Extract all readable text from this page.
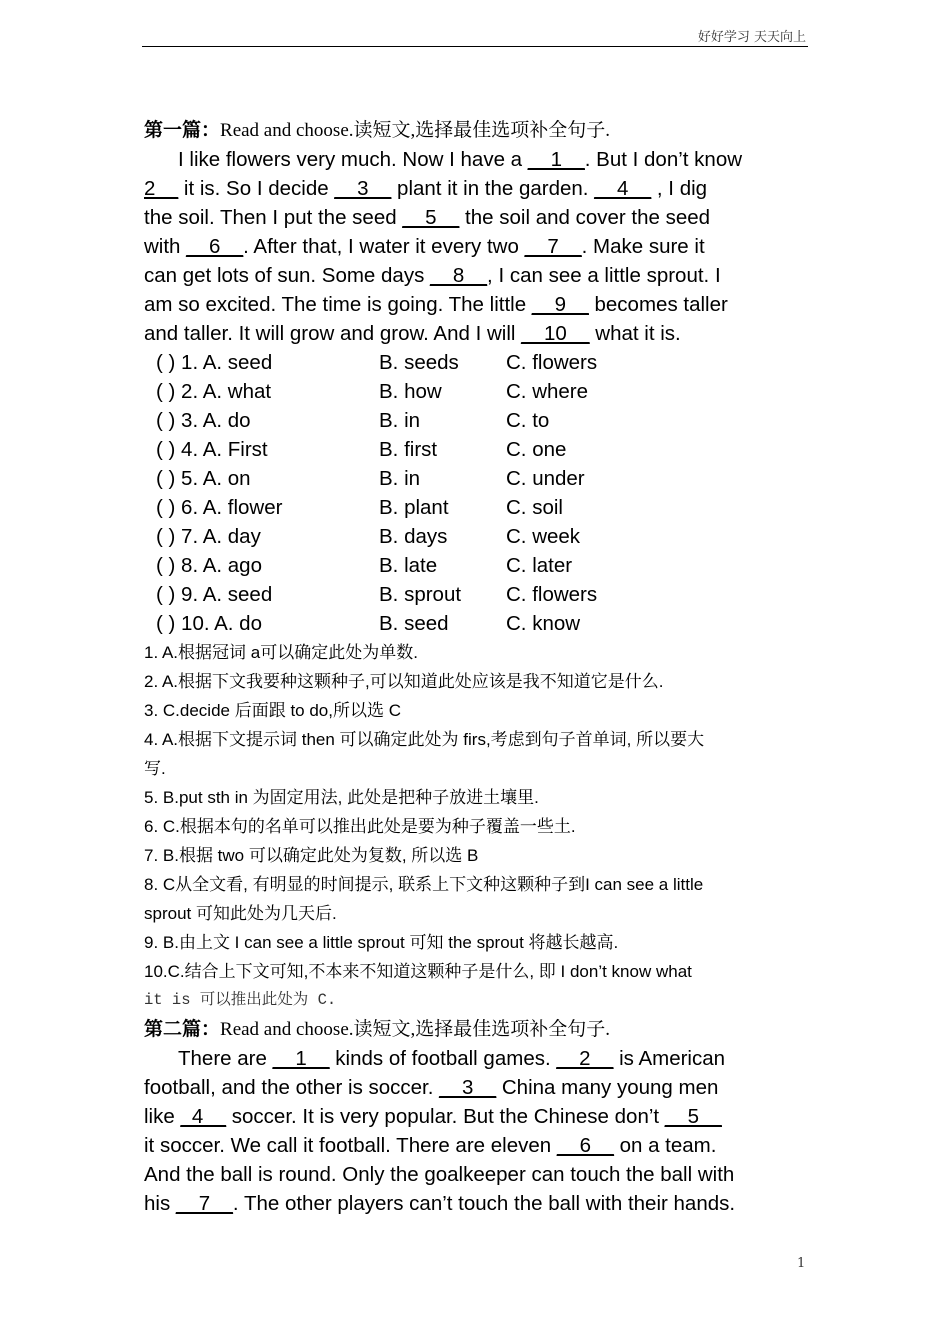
好好学习 天天向上
第一篇：Read and choose.读短文,选择最佳选项补全句子.
I like flowers very much. Now I have a __1__. But I don’t know
2__ it is. So I decide __3__ plant it in the garden. __4__ , I dig
the soil. Then I put the seed __5__ the soil and cover the seed
with __6__. After that, I water it every two __7__. Make sure it
can get lots of sun. Some days __8__, I can see a little sprout. I
am so excited. The time is going. The little __9__ becomes taller
and taller. It will grow and grow. And I will __10__ what it is.
( ) 1. A. seed	B. seeds C. flowers
( ) 2. A. what	B. how	C. where
( ) 3. A. do	B. in	C. to
( ) 4. A. First	B. first	C. one
( ) 5. A. on	B. in	C. under
( ) 6. A. flower	B. plant	C. soil
( ) 7. A. day	B. days	C. week
( ) 8. A. ago	B. late	C. later
( ) 9. A. seed	B. sprout C. flowers
( ) 10. A. do	B. seed	C. know
1. A.根据冠词 a可以确定此处为单数.
2. A.根据下文我要种这颗种子,可以知道此处应该是我不知道它是什么.
3. C.decide 后面跟 to do,所以选 C
4. A.根据下文提示词 then 可以确定此处为 firs,考虑到句子首单词, 所以要大
写.
5. B.put sth in 为固定用法, 此处是把种子放进土壤里.
6. C.根据本句的名单可以推出此处是要为种子覆盖一些土.
7. B.根据 two 可以确定此处为复数, 所以选 B
8. C从全文看, 有明显的时间提示, 联系上下文种这颗种子到I can see a little
sprout 可知此处为几天后.
9. B.由上文 I can see a little sprout 可知 the sprout 将越长越高.
10.C.结合上下文可知,不本来不知道这颗种子是什么, 即 I don’t know what
it is 可以推出此处为 C.
第二篇：Read and choose.读短文,选择最佳选项补全句子.
There are __1__ kinds of football games. __2__ is American
football, and the other is soccer. __3__ China many young men
like _4__ soccer. It is very popular. But the Chinese don’t __5__
it soccer. We call it football. There are eleven __6__ on a team.
And the ball is round. Only the goalkeeper can touch the ball with
his __7__. The other players can’t touch the ball with their hands.
1
